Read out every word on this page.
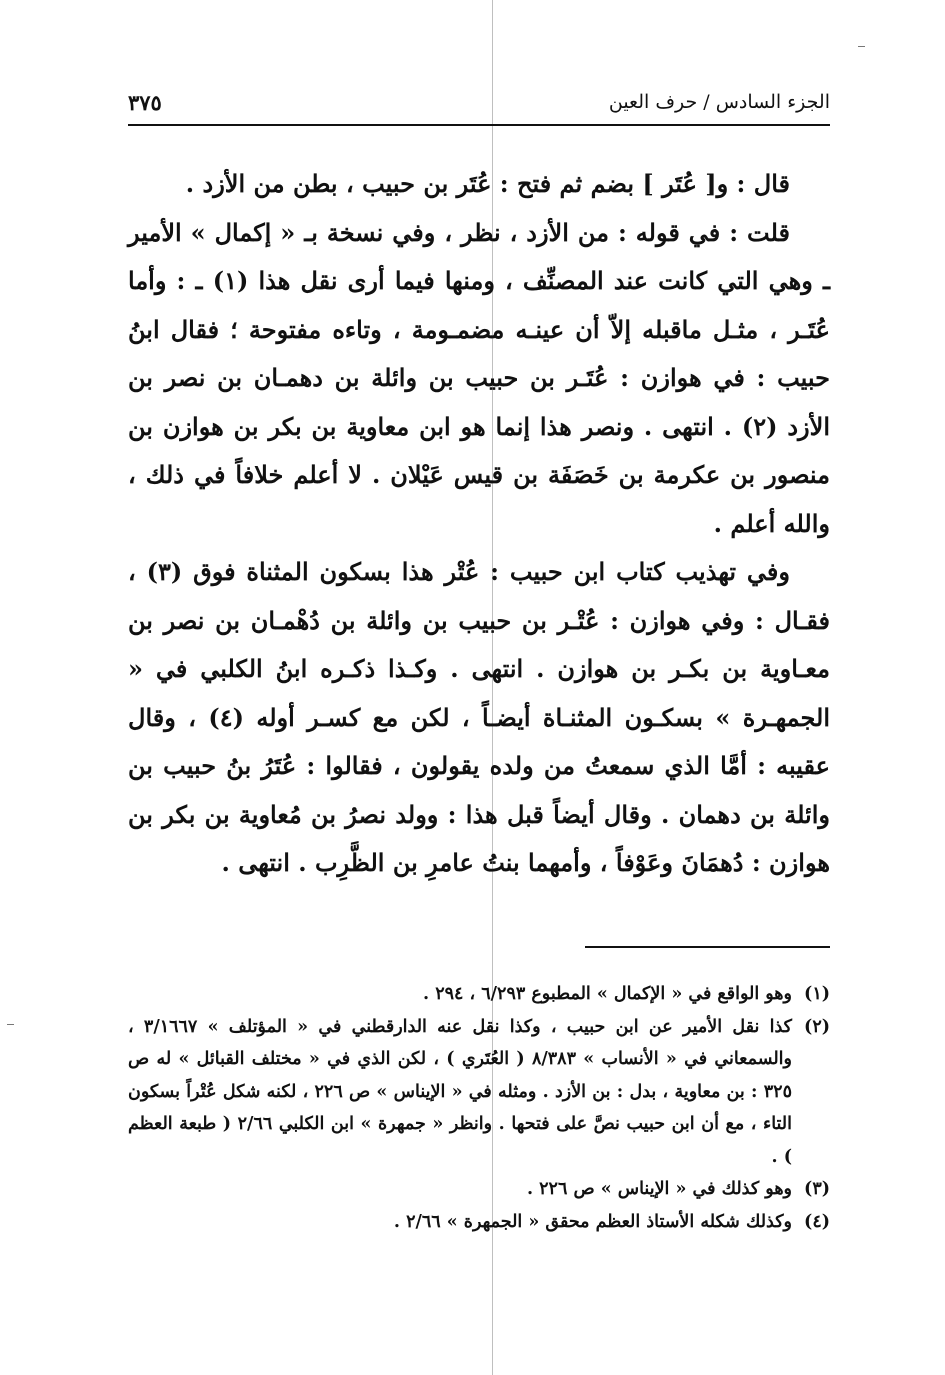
الجزء السادس / حرف العين
٣٧٥

قال : و[ عُتَر ] بضم ثم فتح : عُتَر بن حبيب ، بطن من الأزد .

قلت : في قوله : من الأزد ، نظر ، وفي نسخة بـ « إكمال » الأمير ـ وهي التي كانت عند المصنِّف ، ومنها فيما أرى نقل هذا (١) ـ : وأما عُتَـر ، مثـل ماقبله إلاّ أن عينـه مضمـومة ، وتاءه مفتوحة ؛ فقال ابنُ حبيب : في هوازن : عُتَـر بن حبيب بن وائلة بن دهمـان بن نصر بن الأزد (٢) . انتهى . ونصر هذا إنما هو ابن معاوية بن بكر بن هوازن بن منصور بن عكرمة بن خَصَفَة بن قيس عَيْلان . لا أعلم خلافاً في ذلك ، والله أعلم .

وفي تهذيب كتاب ابن حبيب : عُتْر هذا بسكون المثناة فوق (٣) ، فقـال : وفي هوازن : عُتْـر بن حبيب بن وائلة بن دُهْمـان بن نصر بن معـاوية بن بكـر بن هوازن . انتهى . وكـذا ذكـره ابنُ الكلبي في « الجمهـرة » بسكـون المثنـاة أيضـاً ، لكن مع كسـر أوله (٤) ، وقال عقيبه : أمَّا الذي سمعتُ من ولده يقولون ، فقالوا : عُتَرُ بنُ حبيب بن وائلة بن دهمان . وقال أيضاً قبل هذا : وولد نصرُ بن مُعاوية بن بكر بن هوازن : دُهمَانَ وعَوْفاً ، وأمهما بنتُ عامرِ بن الظَّرِب . انتهى .

(١)
وهو الواقع في « الإكمال » المطبوع ٦/٢٩٣ ، ٢٩٤ .
(٢)
كذا نقل الأمير عن ابن حبيب ، وكذا نقل عنه الدارقطني في « المؤتلف » ٣/١٦٦٧ ، والسمعاني في « الأنساب » ٨/٣٨٣ ( العُتَري ) ، لكن الذي في « مختلف القبائل » له ص ٣٢٥ : بن معاوية ، بدل : بن الأزد . ومثله في « الإيناس » ص ٢٢٦ ، لكنه شكل عُتْراً بسكون التاء ، مع أن ابن حبيب نصَّ على فتحها . وانظر « جمهرة » ابن الكلبي ٢/٦٦ ( طبعة العظم ) .
(٣)
وهو كذلك في « الإيناس » ص ٢٢٦ .
(٤)
وكذلك شكله الأستاذ العظم محقق « الجمهرة » ٢/٦٦ .
